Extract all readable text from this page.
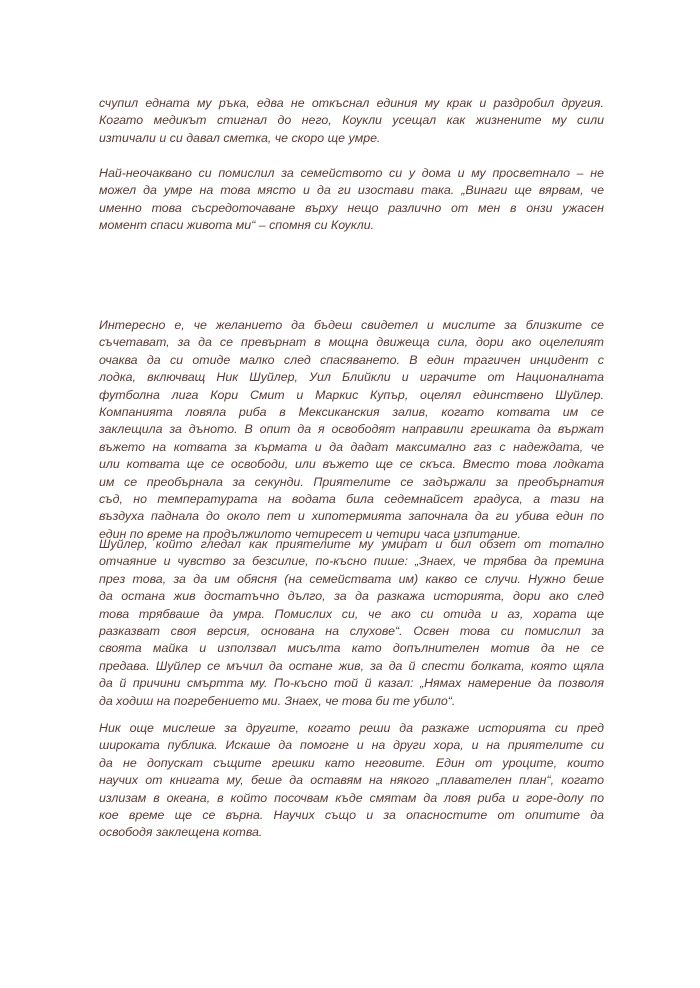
счупил едната му ръка, едва не откъснал единия му крак и раздробил другия.
Когато медикът стигнал до него, Коукли усещал как жизнените му сили
изтичали и си давал сметка, че скоро ще умре.

Най-неочаквано си помислил за семейството си у дома и му просветнало – не
можел да умре на това място и да ги изостави така. „Винаги ще вярвам, че
именно това съсредоточаване върху нещо различно от мен в онзи ужасен
момент спаси живота ми“ – спомня си Коукли.

Интересно е, че желанието да бъдеш свидетел и мислите за близките се
съчетават, за да се превърнат в мощна движеща сила, дори ако оцелелият
очаква да си отиде малко след спасяването. В един трагичен инцидент с
лодка, включващ Ник Шуйлер, Уил Блийкли и играчите от Националната
футболна лига Кори Смит и Маркис Купър, оцелял единствено Шуйлер.
Компанията ловяла риба в Мексиканския залив, когато котвата им се
заклещила за дъното. В опит да я освободят направили грешката да вържат
въжето на котвата за кърмата и да дадат максимално газ с надеждата, че
или котвата ще се освободи, или въжето ще се скъса. Вместо това лодката
им се преобърнала за секунди. Приятелите се задържали за преобърнатия
съд, но температурата на водата била седемнайсет градуса, а тази на
въздуха паднала до около пет и хипотермията започнала да ги убива един по
един по време на продължилото четиресет и четири часа изпитание.

Шуйлер, който гледал как приятелите му умират и бил обзет от тотално
отчаяние и чувство за безсилие, по-късно пише: „Знаех, че трябва да премина
през това, за да им обясня (на семействата им) какво се случи. Нужно беше
да остана жив достатъчно дълго, за да разкажа историята, дори ако след
това трябваше да умра. Помислих си, че ако си отида и аз, хората ще
разказват своя версия, основана на слухове“. Освен това си помислил за
своята майка и използвал мисълта като допълнителен мотив да не се
предава. Шуйлер се мъчил да остане жив, за да й спести болката, която щяла
да й причини смъртта му. По-късно той й казал: „Нямах намерение да позволя
да ходиш на погребението ми. Знаех, че това би те убило“.

Ник още мислеше за другите, когато реши да разкаже историята си пред
широката публика. Искаше да помогне и на други хора, и на приятелите си
да не допускат същите грешки като неговите. Един от уроците, които
научих от книгата му, беше да оставям на някого „плавателен план“, когато
излизам в океана, в който посочвам къде смятам да ловя риба и горе-долу по
кое време ще се върна. Научих също и за опасностите от опитите да
освободя заклещена котва.
